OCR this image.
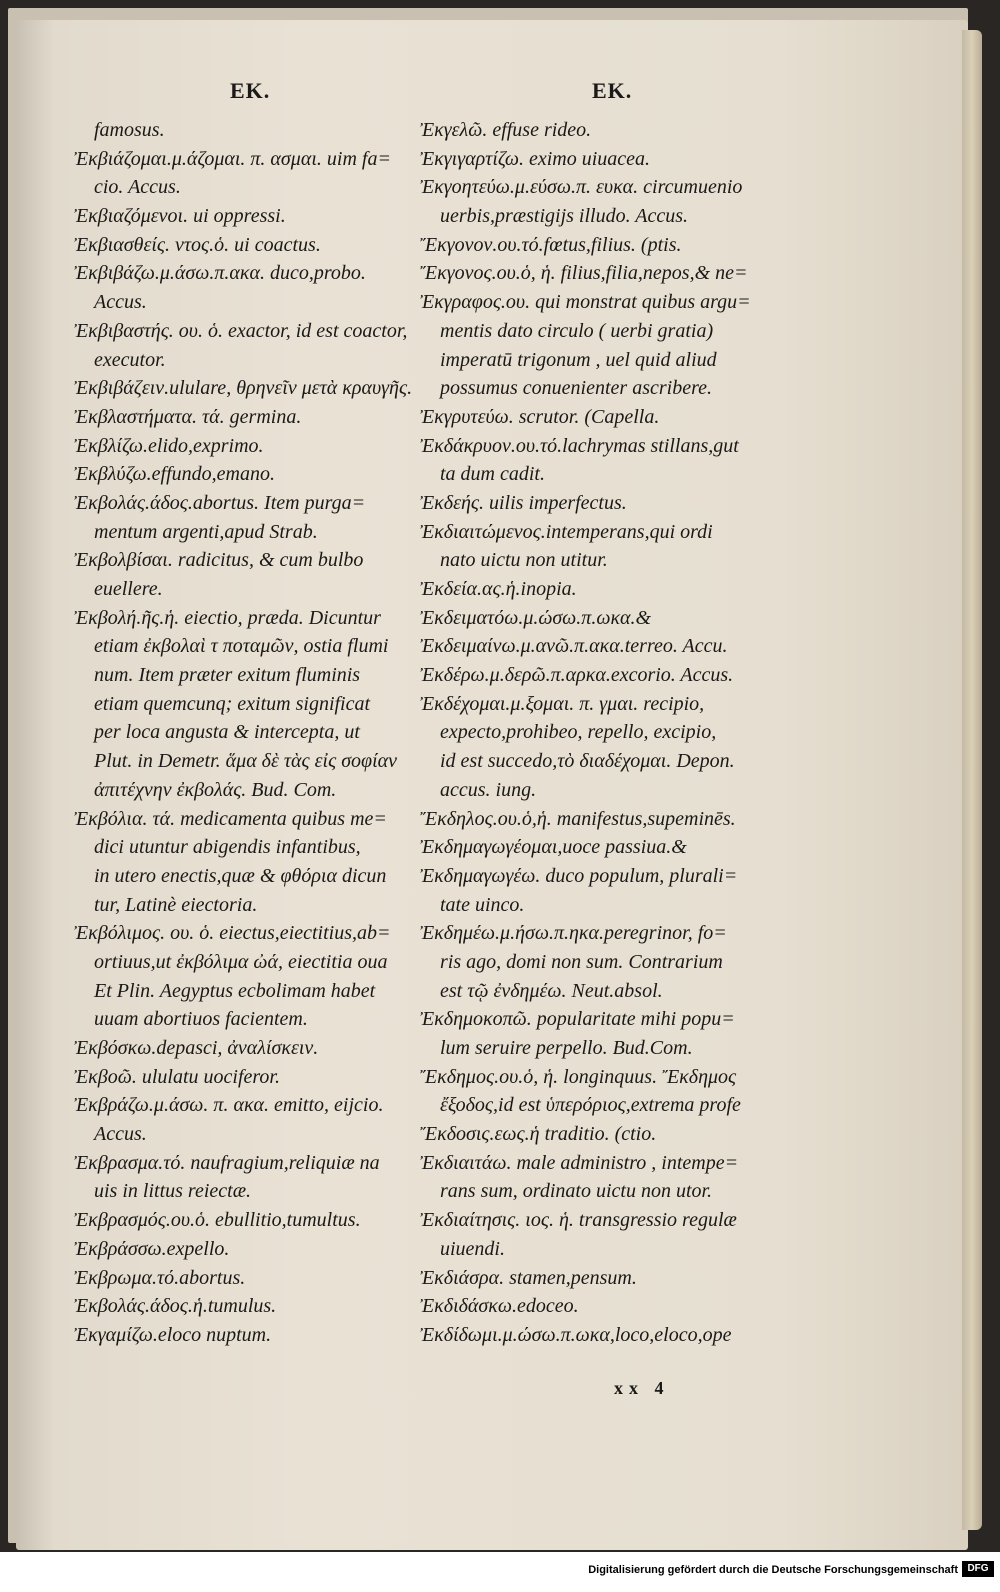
EK.	EK.
famosus.
Ἐκβιάζομαι.μ.άζομαι. π. ασμαι. uim fa=
cio. Accus.
Ἐκβιαζόμενοι. ui oppressi.
Ἐκβιασθείς. ντος.ὁ. ui coactus.
Ἐκβιβάζω.μ.άσω.π.ακα. duco,probo.
Accus.
Ἐκβιβαστής. ου. ὁ. exactor, id est coactor,
executor.
Ἐκβιβάζειν.ululare, θρηνεῖν μετὰ κραυγῆς.
Ἐκβλαστήματα. τά. germina.
Ἐκβλίζω.elido,exprimo.
Ἐκβλύζω.effundo,emano.
Ἐκβολάς.άδος.abortus. Item purga=
mentum argenti,apud Strab.
Ἐκβολβίσαι. radicitus, & cum bulbo
euellere.
Ἐκβολή.ῆς.ἡ. eiectio, præda. Dicuntur
etiam ἐκβολαὶ τ ποταμῶν, ostia flumi
num. Item præter exitum fluminis
etiam quemcunq; exitum significat
per loca angusta & intercepta, ut
Plut. in Demetr. ἅμα δὲ τὰς εἰς σοφίαν
ἀπιτέχνην ἐκβολάς. Bud. Com.
Ἐκβόλια. τά. medicamenta quibus me=
dici utuntur abigendis infantibus,
in utero enectis,quæ & φθόρια dicun
tur, Latinè eiectoria.
Ἐκβόλιμος. ου. ὁ. eiectus,eiectitius,ab=
ortiuus,ut ἐκβόλιμα ὠά, eiectitia oua
Et Plin. Aegyptus ecbolimam habet
uuam abortiuos facientem.
Ἐκβόσκω.depasci, ἀναλίσκειν.
Ἐκβοῶ. ululatu uociferor.
Ἐκβράζω.μ.άσω. π. ακα. emitto, eijcio.
Accus.
Ἐκβρασμα.τό. naufragium,reliquiæ na
uis in littus reiectæ.
Ἐκβρασμός.ου.ὁ. ebullitio,tumultus.
Ἐκβράσσω.expello.
Ἐκβρωμα.τό.abortus.
Ἐκβολάς.άδος.ἡ.tumulus.
Ἐκγαμίζω.eloco nuptum.
Ἐκγελῶ. effuse rideo.
Ἐκγιγαρτίζω. eximo uiuacea.
Ἐκγοητεύω.μ.εύσω.π. ευκα. circumuenio
uerbis,præstigijs illudo. Accus.
Ἔκγονον.ου.τό.fœtus,filius. (ptis.
Ἔκγονος.ου.ὁ, ἡ. filius,filia,nepos,& ne=
Ἐκγραφος.ου. qui monstrat quibus argu=
mentis dato circulo ( uerbi gratia)
imperatū trigonum , uel quid aliud
possumus conuenienter ascribere.
Ἐκγρυτεύω. scrutor. (Capella.
Ἐκδάκρυον.ου.τό.lachrymas stillans,gut
ta dum cadit.
Ἐκδεής. uilis imperfectus.
Ἐκδιαιτώμενος.intemperans,qui ordi
nato uictu non utitur.
Ἐκδεία.ας.ἡ.inopia.
Ἐκδειματόω.μ.ώσω.π.ωκα.&
Ἐκδειμαίνω.μ.ανῶ.π.ακα.terreo. Accu.
Ἐκδέρω.μ.δερῶ.π.αρκα.excorio. Accus.
Ἐκδέχομαι.μ.ξομαι. π. γμαι. recipio,
expecto,prohibeo, repello, excipio,
id est succedo,τὸ διαδέχομαι. Depon.
accus. iung.
Ἔκδηλος.ου.ὁ,ἡ. manifestus,supeminēs.
Ἐκδημαγωγέομαι,uoce passiua.&
Ἐκδημαγωγέω. duco populum, plurali=
tate uinco.
Ἐκδημέω.μ.ήσω.π.ηκα.peregrinor, fo=
ris ago, domi non sum. Contrarium
est τῷ ἐνδημέω. Neut.absol.
Ἐκδημοκοπῶ. popularitate mihi popu=
lum seruire perpello. Bud.Com.
Ἔκδημος.ου.ὁ, ἡ. longinquus. Ἔκδημος
ἔξοδος,id est ὑπερόριος,extrema profe
Ἔκδοσις.εως.ἡ traditio. (ctio.
Ἐκδιαιτάω. male administro , intempe=
rans sum, ordinato uictu non utor.
Ἐκδιαίτησις. ιος. ἡ. transgressio regulæ
uiuendi.
Ἐκδιάσρα. stamen,pensum.
Ἐκδιδάσκω.edoceo.
Ἐκδίδωμι.μ.ώσω.π.ωκα,loco,eloco,ope
xx 4
Digitalisierung gefördert durch die Deutsche Forschungsgemeinschaft DFG
